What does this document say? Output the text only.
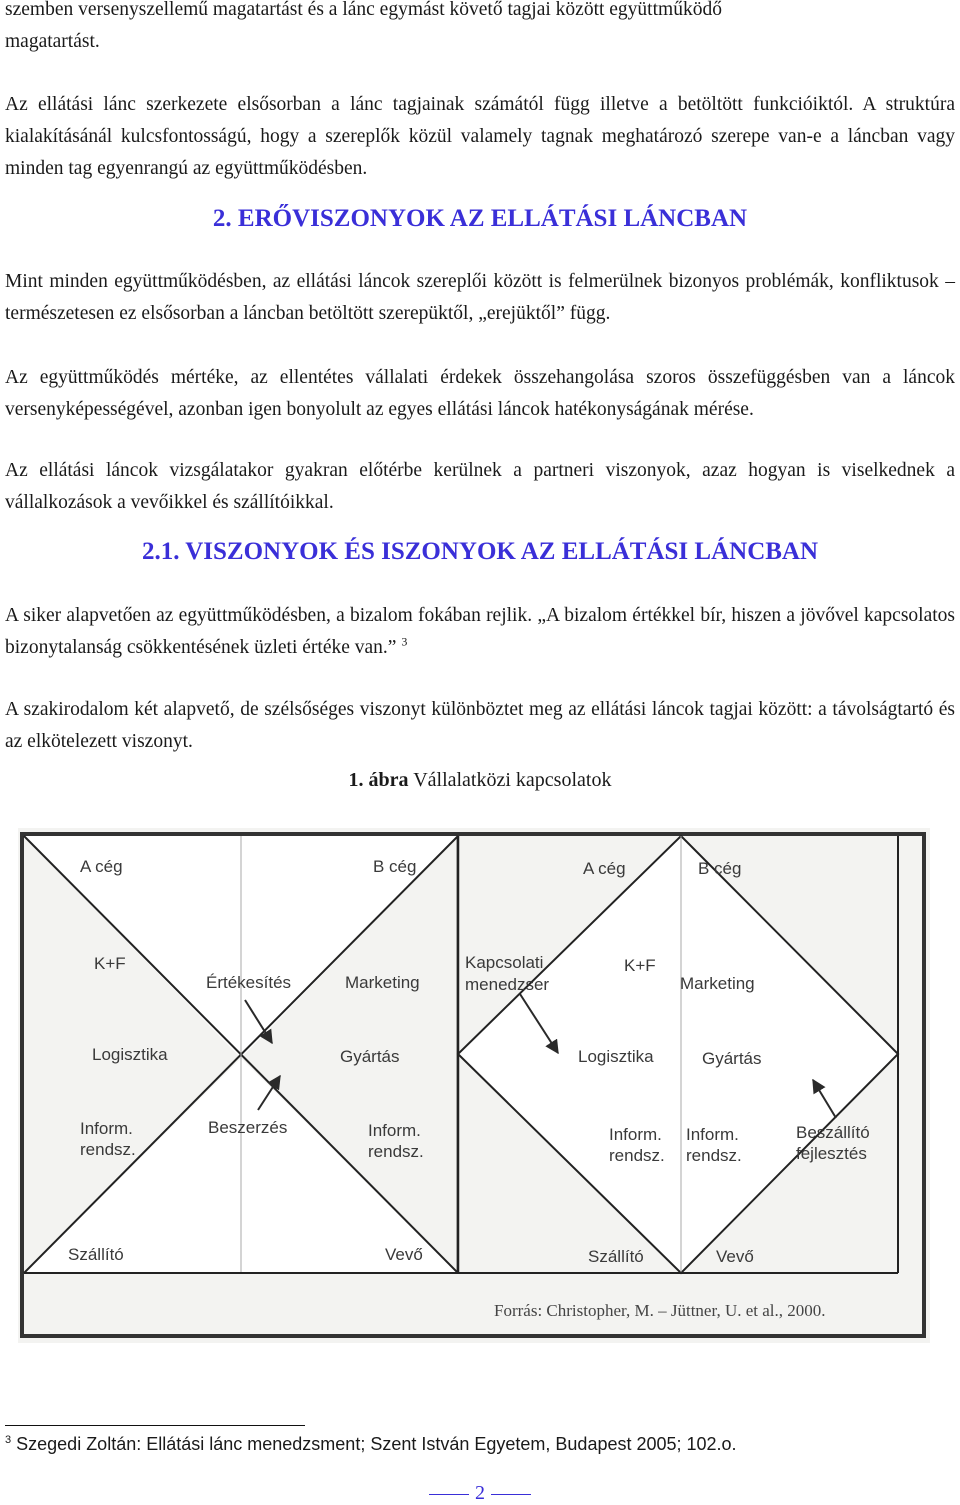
szemben versenyszellemű magatartást és a lánc egymást követő tagjai között együttműködő

magatartást.

Az ellátási lánc szerkezete elsősorban a lánc tagjainak számától függ illetve a betöltött funkcióiktól. A struktúra kialakításánál kulcsfontosságú, hogy a szereplők közül valamely tagnak meghatározó szerepe van-e a láncban vagy minden tag egyenrangú az együttműködésben.

2. ERŐVISZONYOK AZ ELLÁTÁSI LÁNCBAN

Mint minden együttműködésben, az ellátási láncok szereplői között is felmerülnek bizonyos problémák, konfliktusok – természetesen ez elsősorban a láncban betöltött szerepüktől, „erejüktől” függ.

Az együttműködés mértéke, az ellentétes vállalati érdekek összehangolása szoros összefüggésben van a láncok versenyképességével, azonban igen bonyolult az egyes ellátási láncok hatékonyságának mérése.

Az ellátási láncok vizsgálatakor gyakran előtérbe kerülnek a partneri viszonyok, azaz hogyan is viselkednek a vállalkozások a vevőikkel és szállítóikkal.

2.1. VISZONYOK ÉS ISZONYOK AZ ELLÁTÁSI LÁNCBAN

A siker alapvetően az együttműködésben, a bizalom fokában rejlik. „A bizalom értékkel bír, hiszen a jövővel kapcsolatos bizonytalanság csökkentésének üzleti értéke van.” $^3$

A szakirodalom két alapvető, de szélsőséges viszonyt különböztet meg az ellátási láncok tagjai között: a távolságtartó és az elkötelezett viszonyt.

1. ábra Vállalatközi kapcsolatok

A cég	B cég
K+F
Értékesítés	Marketing
Logisztika	Gyártás
Beszerzés
Inform. rendsz.
Inform. rendsz.
Szállító	Vevő
A cég	B cég
Kapcsolati menedzser
K+F
Marketing
Logisztika	Gyártás
Inform. rendsz.
Inform. rendsz.
Beszállító fejlesztés
Szállító	Vevő
Forrás: Christopher, M. – Jüttner, U. et al., 2000.

$^3$ Szegedi Zoltán: Ellátási lánc menedzsment; Szent István Egyetem, Budapest 2005; 102.o.

2
